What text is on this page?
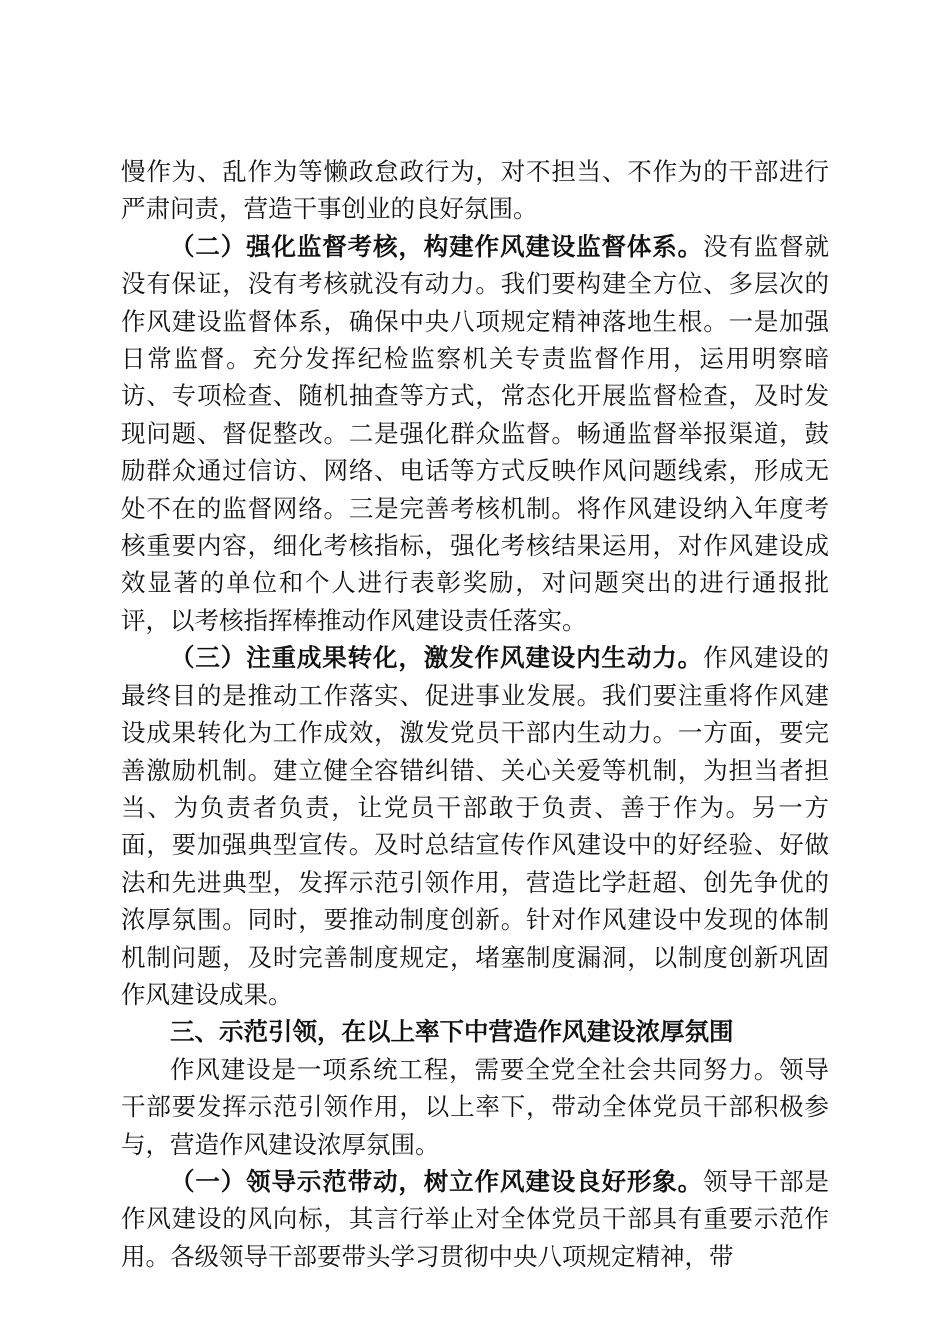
慢作为、乱作为等懒政怠政行为，对不担当、不作为的干部进行严肃问责，营造干事创业的良好氛围。

（二）强化监督考核，构建作风建设监督体系。没有监督就没有保证，没有考核就没有动力。我们要构建全方位、多层次的作风建设监督体系，确保中央八项规定精神落地生根。一是加强日常监督。充分发挥纪检监察机关专责监督作用，运用明察暗访、专项检查、随机抽查等方式，常态化开展监督检查，及时发现问题、督促整改。二是强化群众监督。畅通监督举报渠道，鼓励群众通过信访、网络、电话等方式反映作风问题线索，形成无处不在的监督网络。三是完善考核机制。将作风建设纳入年度考核重要内容，细化考核指标，强化考核结果运用，对作风建设成效显著的单位和个人进行表彰奖励，对问题突出的进行通报批评，以考核指挥棒推动作风建设责任落实。

（三）注重成果转化，激发作风建设内生动力。作风建设的最终目的是推动工作落实、促进事业发展。我们要注重将作风建设成果转化为工作成效，激发党员干部内生动力。一方面，要完善激励机制。建立健全容错纠错、关心关爱等机制，为担当者担当、为负责者负责，让党员干部敢于负责、善于作为。另一方面，要加强典型宣传。及时总结宣传作风建设中的好经验、好做法和先进典型，发挥示范引领作用，营造比学赶超、创先争优的浓厚氛围。同时，要推动制度创新。针对作风建设中发现的体制机制问题，及时完善制度规定，堵塞制度漏洞，以制度创新巩固作风建设成果。

三、示范引领，在以上率下中营造作风建设浓厚氛围

作风建设是一项系统工程，需要全党全社会共同努力。领导干部要发挥示范引领作用，以上率下，带动全体党员干部积极参与，营造作风建设浓厚氛围。

（一）领导示范带动，树立作风建设良好形象。领导干部是作风建设的风向标，其言行举止对全体党员干部具有重要示范作用。各级领导干部要带头学习贯彻中央八项规定精神，带
